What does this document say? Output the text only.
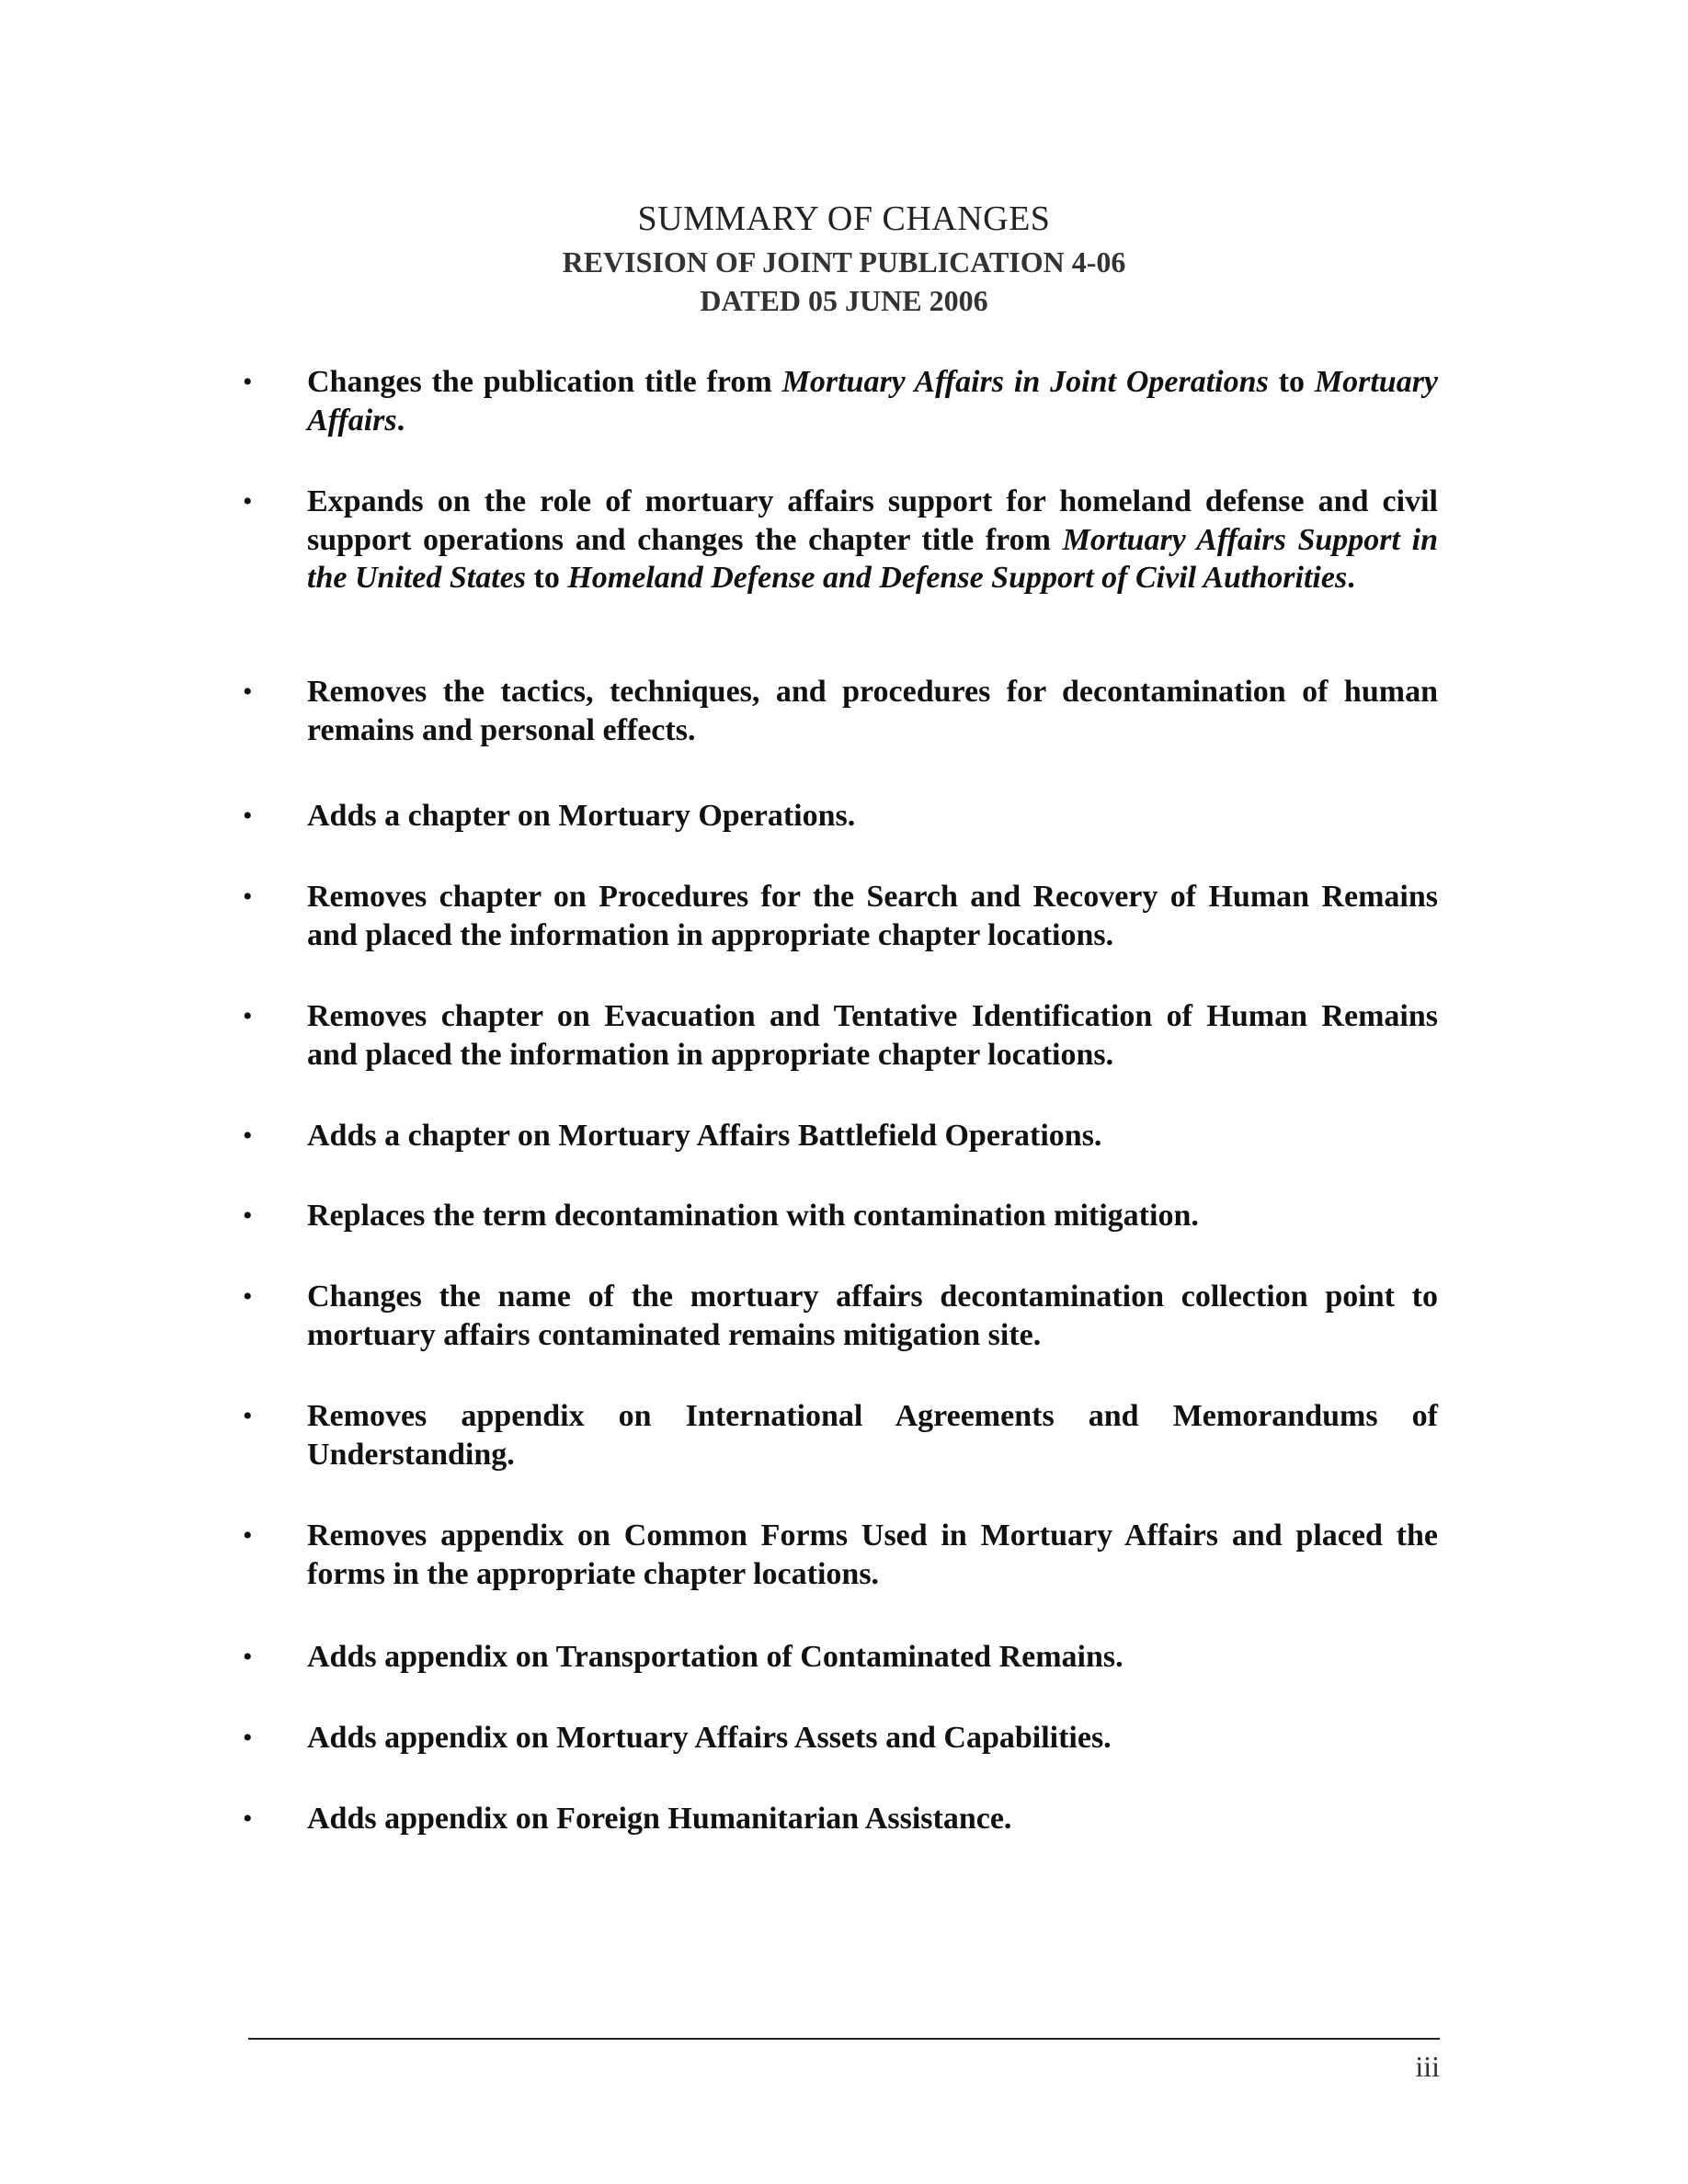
SUMMARY OF CHANGES
REVISION OF JOINT PUBLICATION 4-06
DATED 05 JUNE 2006
• Changes the publication title from Mortuary Affairs in Joint Operations to Mortuary Affairs.
• Expands on the role of mortuary affairs support for homeland defense and civil support operations and changes the chapter title from Mortuary Affairs Support in the United States to Homeland Defense and Defense Support of Civil Authorities.
• Removes the tactics, techniques, and procedures for decontamination of human remains and personal effects.
• Adds a chapter on Mortuary Operations.
• Removes chapter on Procedures for the Search and Recovery of Human Remains and placed the information in appropriate chapter locations.
• Removes chapter on Evacuation and Tentative Identification of Human Remains and placed the information in appropriate chapter locations.
• Adds a chapter on Mortuary Affairs Battlefield Operations.
• Replaces the term decontamination with contamination mitigation.
• Changes the name of the mortuary affairs decontamination collection point to mortuary affairs contaminated remains mitigation site.
• Removes appendix on International Agreements and Memorandums of Understanding.
• Removes appendix on Common Forms Used in Mortuary Affairs and placed the forms in the appropriate chapter locations.
• Adds appendix on Transportation of Contaminated Remains.
• Adds appendix on Mortuary Affairs Assets and Capabilities.
• Adds appendix on Foreign Humanitarian Assistance.
iii
